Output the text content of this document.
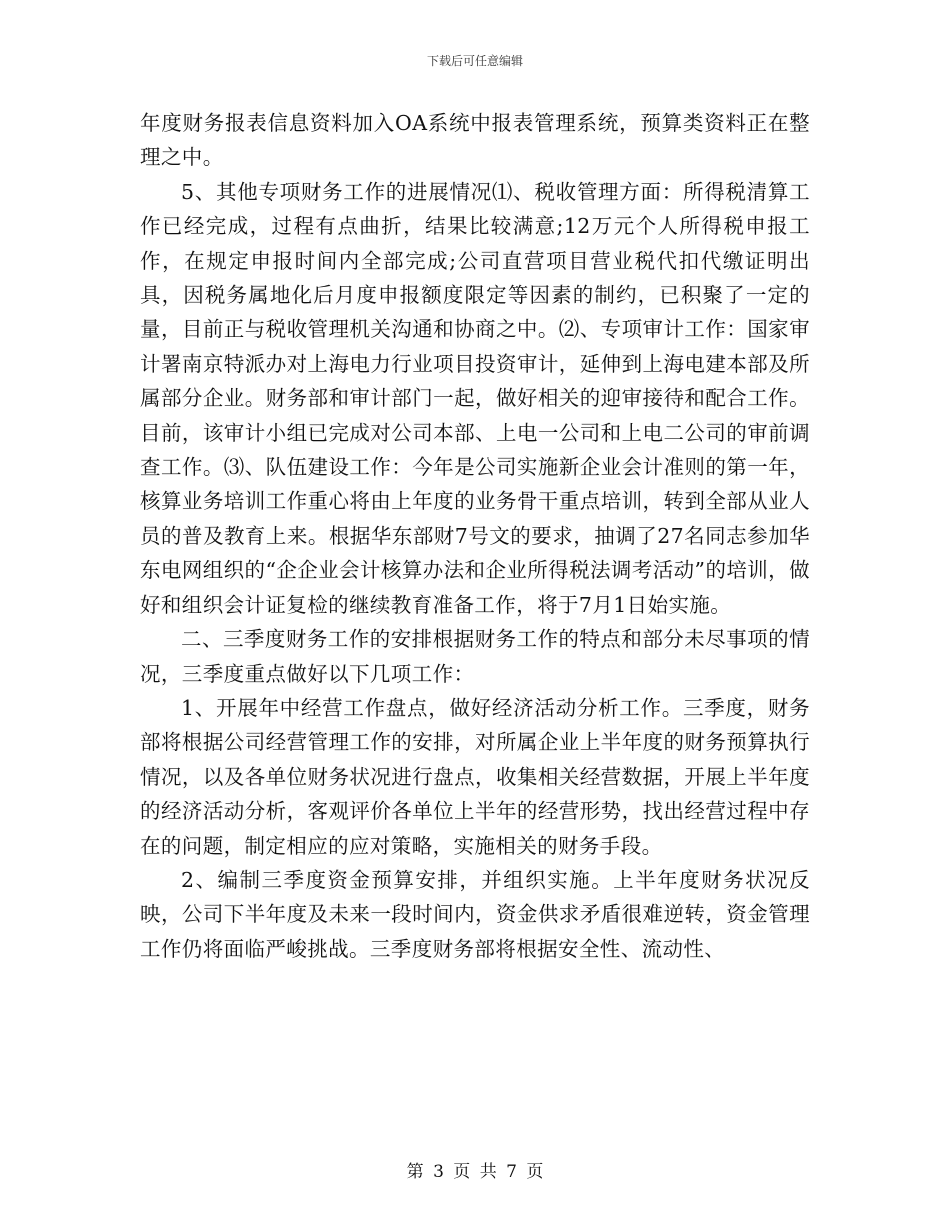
下载后可任意编辑

年度财务报表信息资料加入OA系统中报表管理系统，预算类资料正在整理之中。

5、其他专项财务工作的进展情况⑴、税收管理方面：所得税清算工作已经完成，过程有点曲折，结果比较满意;12万元个人所得税申报工作，在规定申报时间内全部完成;公司直营项目营业税代扣代缴证明出具，因税务属地化后月度申报额度限定等因素的制约，已积聚了一定的量，目前正与税收管理机关沟通和协商之中。⑵、专项审计工作：国家审计署南京特派办对上海电力行业项目投资审计，延伸到上海电建本部及所属部分企业。财务部和审计部门一起，做好相关的迎审接待和配合工作。目前，该审计小组已完成对公司本部、上电一公司和上电二公司的审前调查工作。⑶、队伍建设工作：今年是公司实施新企业会计准则的第一年，核算业务培训工作重心将由上年度的业务骨干重点培训，转到全部从业人员的普及教育上来。根据华东部财7号文的要求，抽调了27名同志参加华东电网组织的“企企业会计核算办法和企业所得税法调考活动”的培训，做好和组织会计证复检的继续教育准备工作，将于7月1日始实施。

二、三季度财务工作的安排根据财务工作的特点和部分未尽事项的情况，三季度重点做好以下几项工作：

1、开展年中经营工作盘点，做好经济活动分析工作。三季度，财务部将根据公司经营管理工作的安排，对所属企业上半年度的财务预算执行情况，以及各单位财务状况进行盘点，收集相关经营数据，开展上半年度的经济活动分析，客观评价各单位上半年的经营形势，找出经营过程中存在的问题，制定相应的应对策略，实施相关的财务手段。

2、编制三季度资金预算安排，并组织实施。上半年度财务状况反映，公司下半年度及未来一段时间内，资金供求矛盾很难逆转，资金管理工作仍将面临严峻挑战。三季度财务部将根据安全性、流动性、

第 3 页 共 7 页
